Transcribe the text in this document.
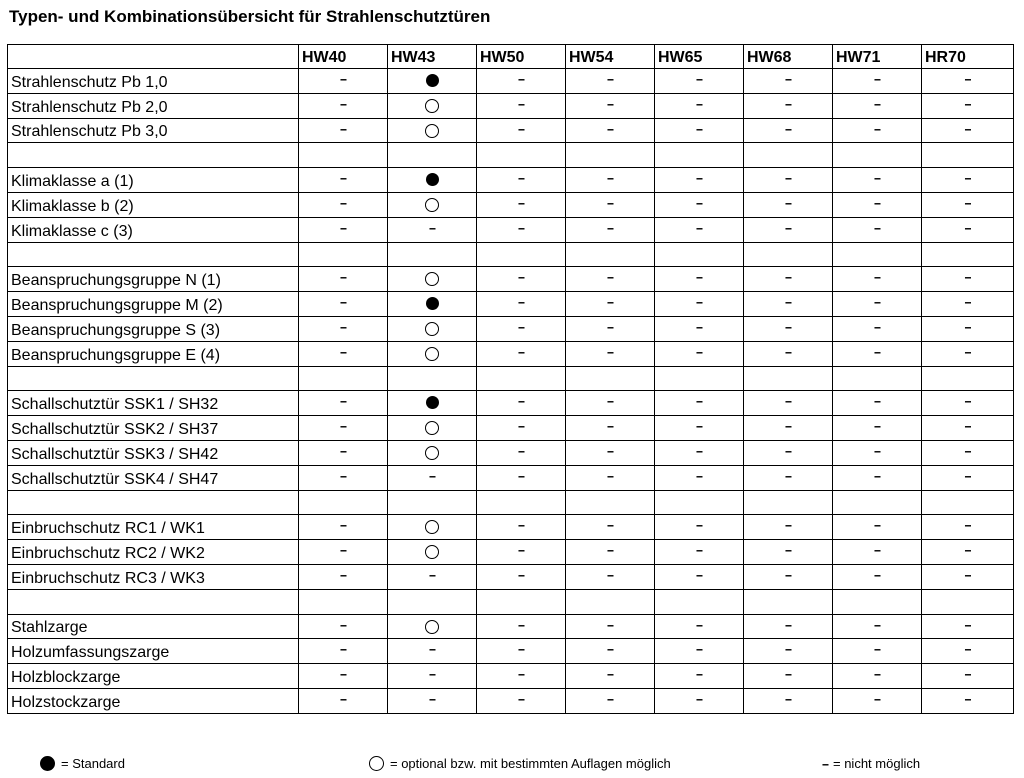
Typen- und Kombinationsübersicht für Strahlenschutztüren
	HW40	HW43	HW50	HW54	HW65	HW68	HW71	HR70
Strahlenschutz Pb 1,0	--		--	--	--	--	--	--
Strahlenschutz Pb 2,0	--		--	--	--	--	--	--
Strahlenschutz Pb 3,0	--		--	--	--	--	--	--

Klimaklasse a (1)	--		--	--	--	--	--	--
Klimaklasse b (2)	--		--	--	--	--	--	--
Klimaklasse c (3)	--	--	--	--	--	--	--	--

Beanspruchungsgruppe N (1)	--		--	--	--	--	--	--
Beanspruchungsgruppe M (2)	--		--	--	--	--	--	--
Beanspruchungsgruppe S (3)	--		--	--	--	--	--	--
Beanspruchungsgruppe E (4)	--		--	--	--	--	--	--

Schallschutztür SSK1 / SH32	--		--	--	--	--	--	--
Schallschutztür SSK2 / SH37	--		--	--	--	--	--	--
Schallschutztür SSK3 / SH42	--		--	--	--	--	--	--
Schallschutztür SSK4 / SH47	--	--	--	--	--	--	--	--

Einbruchschutz RC1 / WK1	--		--	--	--	--	--	--
Einbruchschutz RC2 / WK2	--		--	--	--	--	--	--
Einbruchschutz RC3 / WK3	--	--	--	--	--	--	--	--

Stahlzarge	--		--	--	--	--	--	--
Holzumfassungszarge	--	--	--	--	--	--	--	--
Holzblockzarge	--	--	--	--	--	--	--	--
Holzstockzarge	--	--	--	--	--	--	--	--
= Standard	= optional bzw. mit bestimmten Auflagen möglich	-- = nicht möglich
